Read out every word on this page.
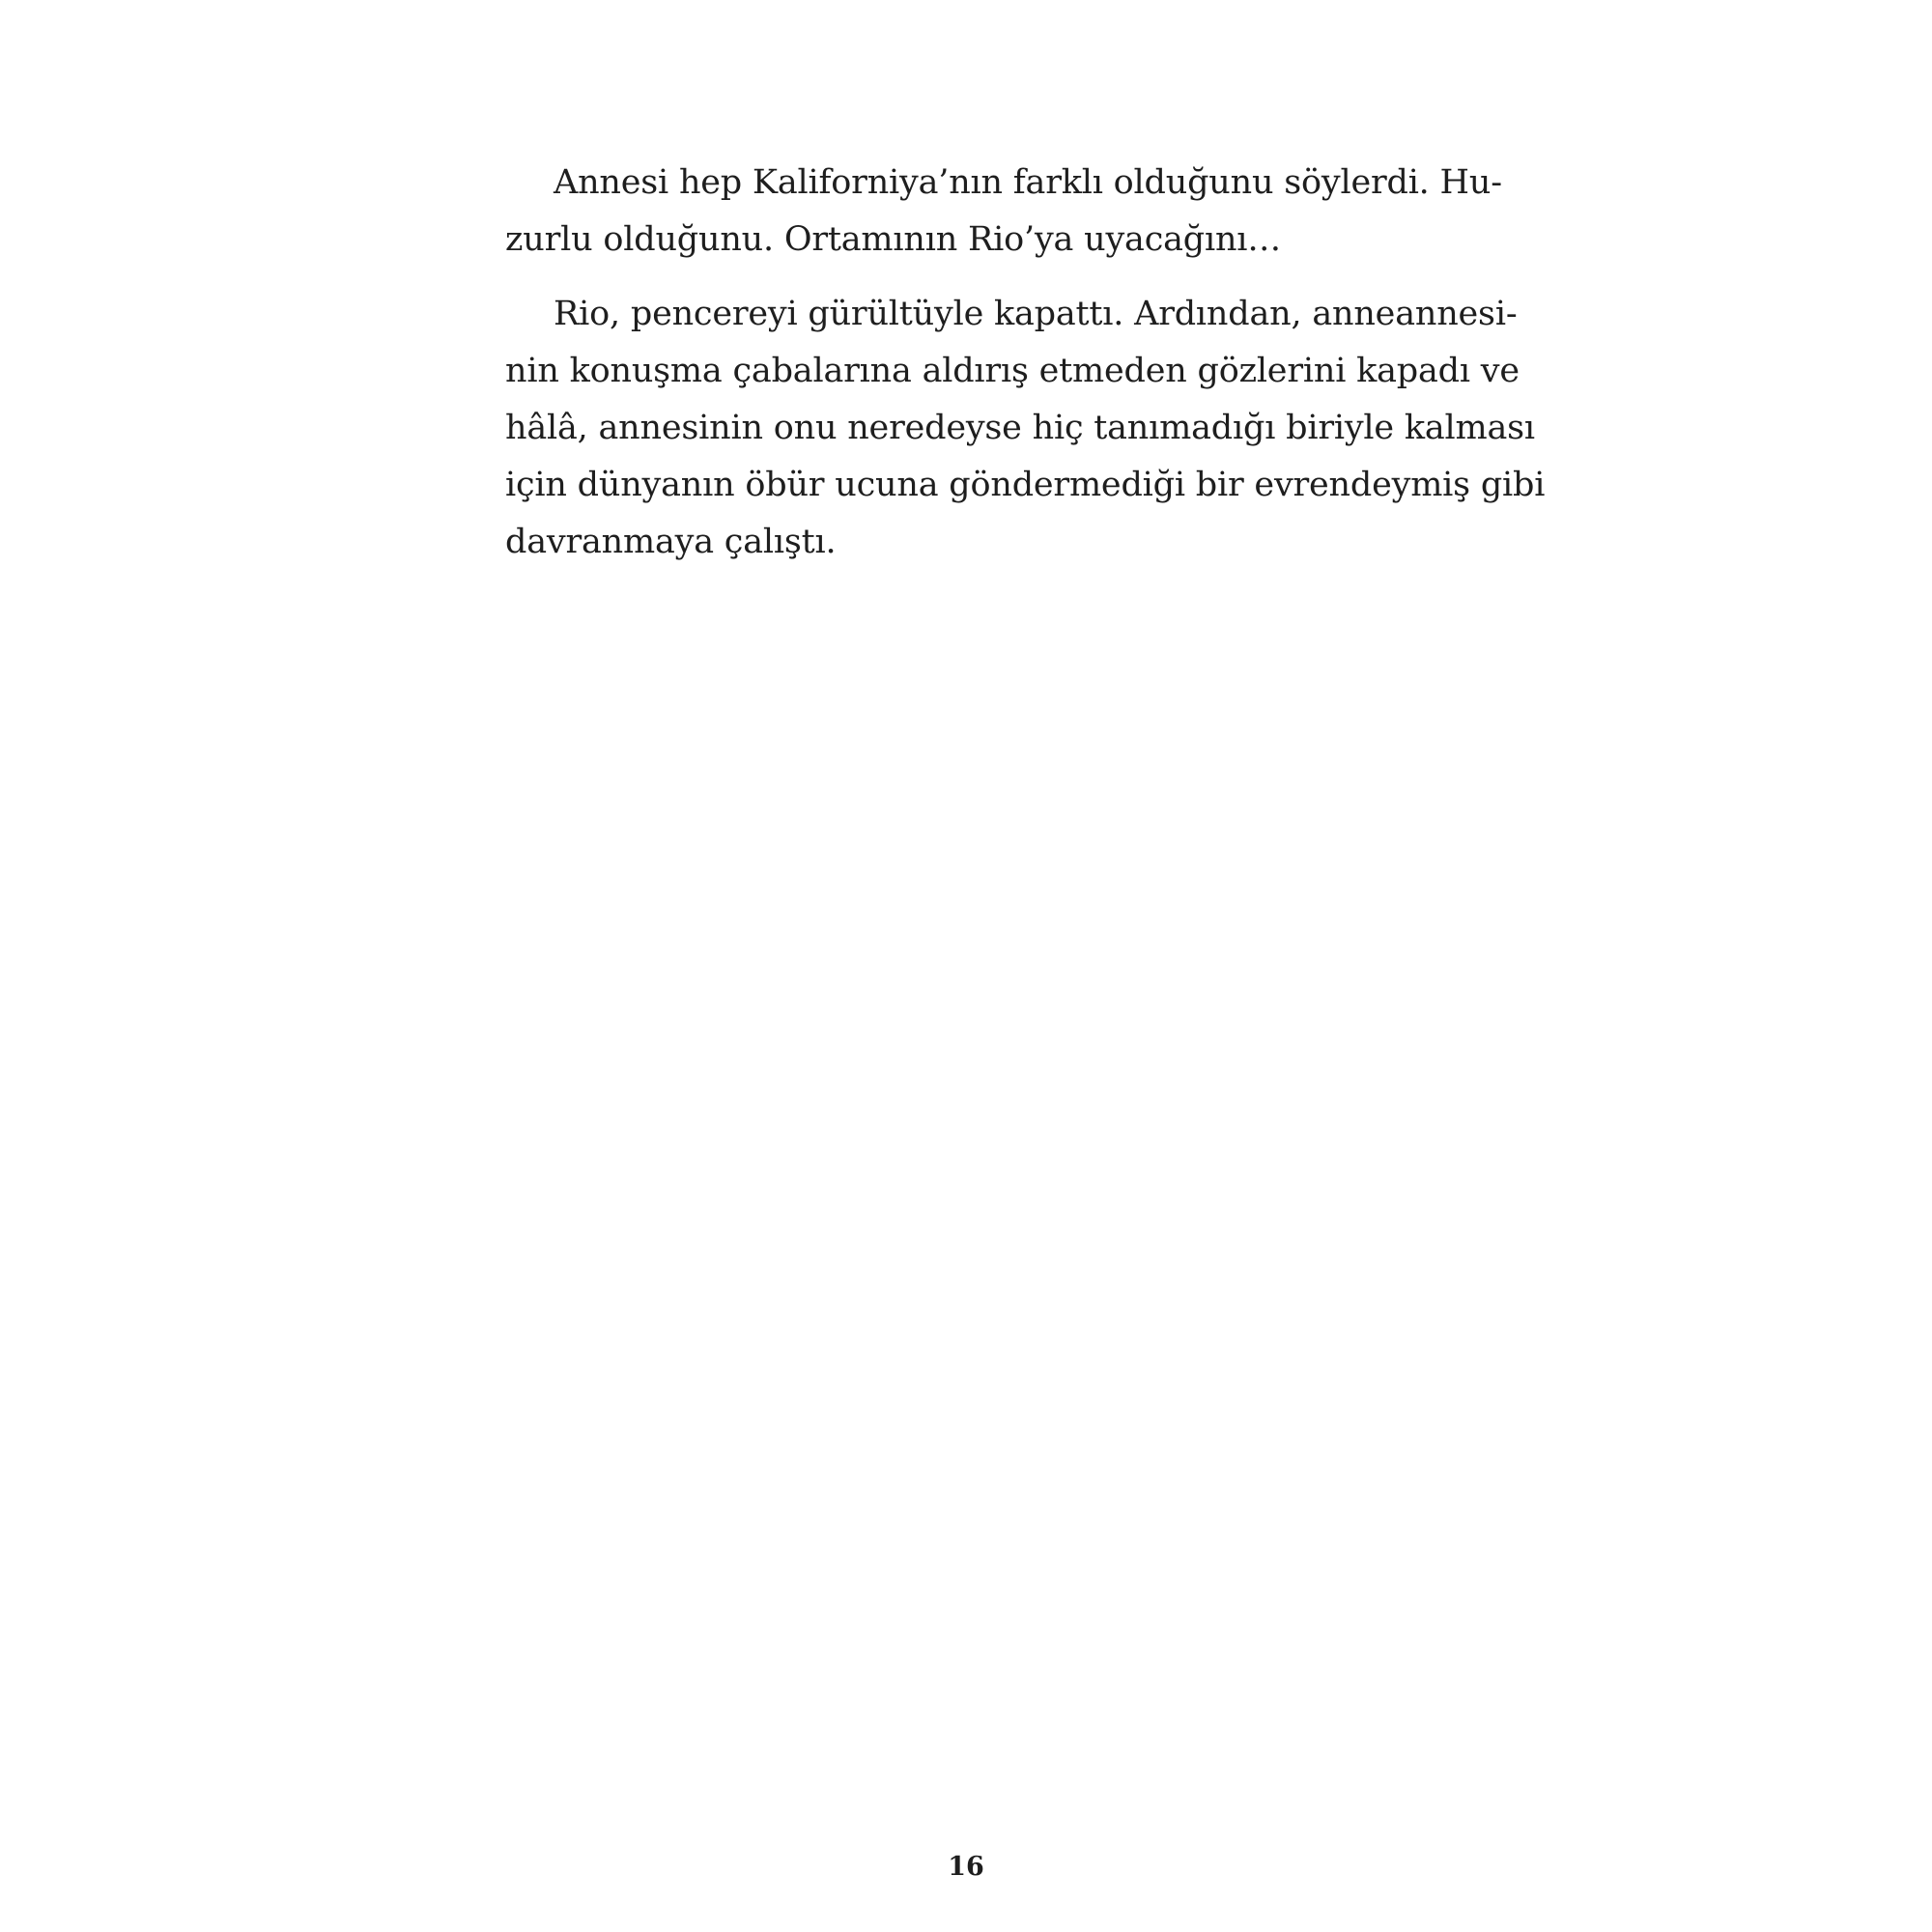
Annesi hep Kaliforniya’nın farklı olduğunu söylerdi. Hu-
zurlu olduğunu. Ortamının Rio’ya uyacağını…

Rio, pencereyi gürültüyle kapattı. Ardından, anneannesi-
nin konuşma çabalarına aldırış etmeden gözlerini kapadı ve
hâlâ, annesinin onu neredeyse hiç tanımadığı biriyle kalması
için dünyanın öbür ucuna göndermediği bir evrendeymiş gibi
davranmaya çalıştı.

16
